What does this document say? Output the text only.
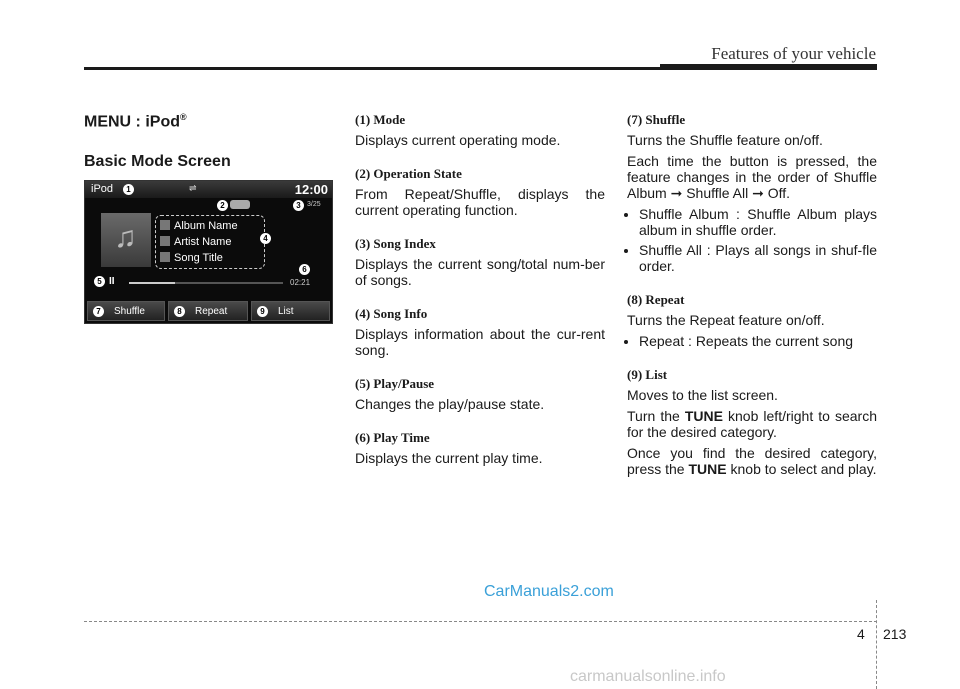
Features of your vehicle
MENU : iPod®
Basic Mode Screen
iPod	1	⇌	12:00
2	3 3/25
♫	Album Name
Artist Name
Song Title
4
5 II
6
02:21
Shuffle
7	Repeat
8	List
9
(1) Mode

Displays current operating mode.

(2) Operation State

From Repeat/Shuffle, displays the current operating function.

(3) Song Index

Displays the current song/total num-ber of songs.

(4) Song Info

Displays information about the cur-rent song.

(5) Play/Pause

Changes the play/pause state.

(6) Play Time

Displays the current play time.

(7) Shuffle

Turns the Shuffle feature on/off.

Each time the button is pressed, the feature changes in the order of Shuffle Album ➞ Shuffle All ➞ Off.

• Shuffle Album : Shuffle Album plays album in shuffle order.
• Shuffle All : Plays all songs in shuf-fle order.
(8) Repeat

Turns the Repeat feature on/off.

• Repeat : Repeats the current song
(9) List

Moves to the list screen.

Turn the TUNE knob left/right to search for the desired category.

Once you find the desired category, press the TUNE knob to select and play.

CarManuals2.com
4 213
carmanualsonline.info
